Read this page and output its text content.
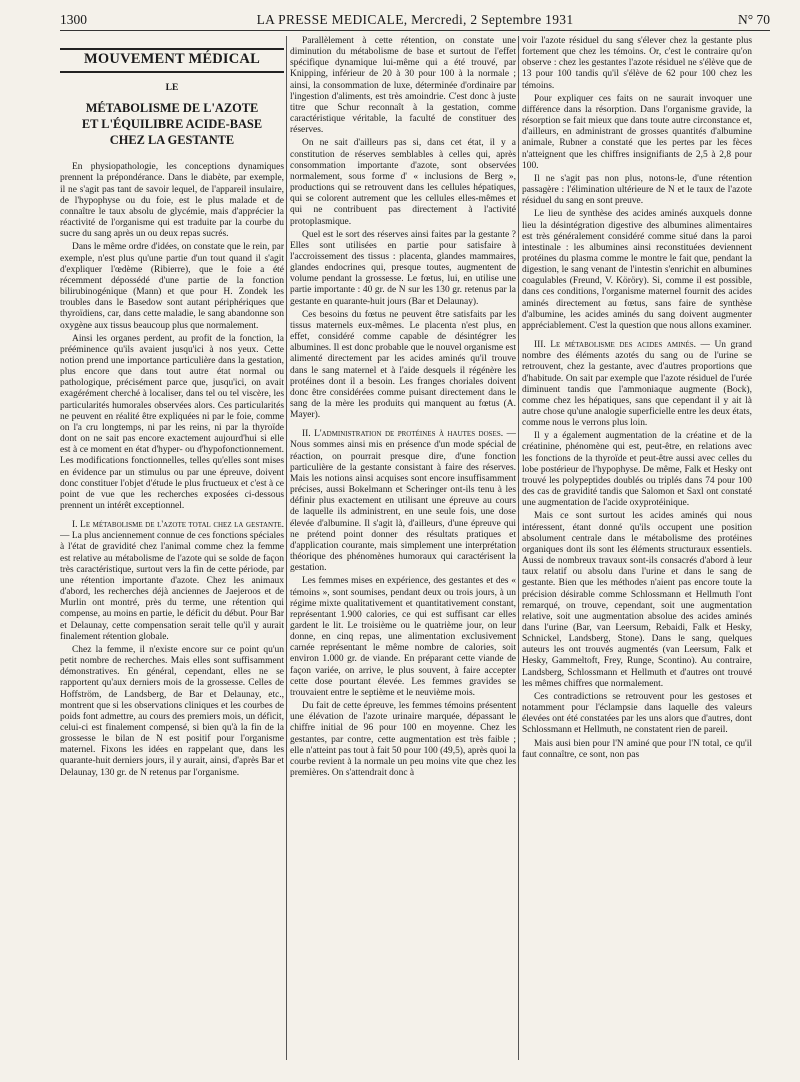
1300	LA PRESSE MEDICALE, Mercredi, 2 Septembre 1931	N° 70
MOUVEMENT MÉDICAL
LE
MÉTABOLISME DE L'AZOTE
ET L'ÉQUILIBRE ACIDE-BASE
CHEZ LA GESTANTE

En physiopathologie, les conceptions dynamiques prennent la prépondérance. Dans le diabète, par exemple, il ne s'agit pas tant de savoir lequel, de l'appareil insulaire, de l'hypophyse ou du foie, est le plus malade et de connaître le taux absolu de glycémie, mais d'apprécier la réactivité de l'organisme qui est traduite par la courbe du sucre du sang après un ou deux repas sucrés.

Dans le même ordre d'idées, on constate que le rein, par exemple, n'est plus qu'une partie d'un tout quand il s'agit d'expliquer l'œdème (Ribierre), que le foie a été récemment dépossédé d'une partie de la fonction bilirubinogénique (Mann) et que pour H. Zondek les troubles dans le Basedow sont autant périphériques que thyroïdiens, car, dans cette maladie, le sang abandonne son oxygène aux tissus beaucoup plus que normalement.

Ainsi les organes perdent, au profit de la fonction, la prééminence qu'ils avaient jusqu'ici à nos yeux. Cette notion prend une importance particulière dans la gestation, plus encore que dans tout autre état normal ou pathologique, précisément parce que, jusqu'ici, on avait exagérément cherché à localiser, dans tel ou tel viscère, les particularités humorales observées alors. Ces particularités ne peuvent en réalité être expliquées ni par le foie, comme on l'a cru longtemps, ni par les reins, ni par la thyroïde dont on ne sait pas encore exactement aujourd'hui si elle est à ce moment en état d'hyper- ou d'hypofonctionnement. Les modifications fonctionnelles, telles qu'elles sont mises en évidence par un stimulus ou par une épreuve, doivent donc constituer l'objet d'étude le plus fructueux et c'est à ce point de vue que les recherches exposées ci-dessous prennent un intérêt exceptionnel.

I. Le métabolisme de l'azote total chez la gestante. — La plus anciennement connue de ces fonctions spéciales à l'état de gravidité chez l'animal comme chez la femme est relative au métabolisme de l'azote qui se solde de façon très caractéristique, surtout vers la fin de cette période, par une rétention importante d'azote. Chez les animaux d'abord, les recherches déjà anciennes de Jaejeroos et de Murlin ont montré, près du terme, une rétention qui compense, au moins en partie, le déficit du début. Pour Bar et Delaunay, cette compensation serait telle qu'il y aurait finalement rétention globale.

Chez la femme, il n'existe encore sur ce point qu'un petit nombre de recherches. Mais elles sont suffisamment démonstratives. En général, cependant, elles ne se rapportent qu'aux derniers mois de la grossesse. Celles de Hoffström, de Landsberg, de Bar et Delaunay, etc., montrent que si les observations cliniques et les courbes de poids font admettre, au cours des premiers mois, un déficit, celui-ci est finalement compensé, si bien qu'à la fin de la grossesse le bilan de N est positif pour l'organisme maternel. Fixons les idées en rappelant que, dans les quarante-huit derniers jours, il y aurait, ainsi, d'après Bar et Delaunay, 130 gr. de N retenus par l'organisme.

Parallèlement à cette rétention, on constate une diminution du métabolisme de base et surtout de l'effet spécifique dynamique lui-même qui a été trouvé, par Knipping, inférieur de 20 à 30 pour 100 à la normale ; ainsi, la consommation de luxe, déterminée d'ordinaire par l'ingestion d'aliments, est très amoindrie. C'est donc à juste titre que Schur reconnaît à la gestation, comme caractéristique véritable, la faculté de constituer des réserves.

On ne sait d'ailleurs pas si, dans cet état, il y a constitution de réserves semblables à celles qui, après consommation importante d'azote, sont observées normalement, sous forme d' « inclusions de Berg », productions qui se retrouvent dans les cellules hépatiques, qui se colorent autrement que les cellules elles-mêmes et qui ne contribuent pas directement à l'activité protoplasmique.

Quel est le sort des réserves ainsi faites par la gestante ? Elles sont utilisées en partie pour satisfaire à l'accroissement des tissus : placenta, glandes mammaires, glandes endocrines qui, presque toutes, augmentent de volume pendant la grossesse. Le fœtus, lui, en utilise une partie importante : 40 gr. de N sur les 130 gr. retenus par la gestante en quarante-huit jours (Bar et Delaunay).

Ces besoins du fœtus ne peuvent être satisfaits par les tissus maternels eux-mêmes. Le placenta n'est plus, en effet, considéré comme capable de désintégrer les albumines. Il est donc probable que le nouvel organisme est alimenté directement par les acides aminés qu'il trouve dans le sang maternel et à l'aide desquels il régénère les protéines dont il a besoin. Les franges choriales doivent donc être considérées comme puisant directement dans le sang de la mère les produits qui manquent au fœtus (A. Mayer).

II. L'administration de protéines à hautes doses. — Nous sommes ainsi mis en présence d'un mode spécial de réaction, on pourrait presque dire, d'une fonction particulière de la gestante consistant à faire des réserves. Mais les notions ainsi acquises sont encore insuffisamment précises, aussi Bokelmann et Scheringer ont-ils tenu à les définir plus exactement en utilisant une épreuve au cours de laquelle ils administrent, en une seule fois, une dose élevée d'albumine. Il s'agit là, d'ailleurs, d'une épreuve qui ne prétend point donner des résultats pratiques et d'application courante, mais simplement une interprétation théorique des phénomènes humoraux qui caractérisent la gestation.

Les femmes mises en expérience, des gestantes et des « témoins », sont soumises, pendant deux ou trois jours, à un régime mixte qualitativement et quantitativement constant, représentant 1.900 calories, ce qui est suffisant car elles gardent le lit. Le troisième ou le quatrième jour, on leur donne, en cinq repas, une alimentation exclusivement carnée représentant le même nombre de calories, soit environ 1.000 gr. de viande. En préparant cette viande de façon variée, on arrive, le plus souvent, à faire accepter cette dose pourtant élevée. Les femmes gravides se trouvaient entre le septième et le neuvième mois.

Du fait de cette épreuve, les femmes témoins présentent une élévation de l'azote urinaire marquée, dépassant le chiffre initial de 96 pour 100 en moyenne. Chez les gestantes, par contre, cette augmentation est très faible ; elle n'atteint pas tout à fait 50 pour 100 (49,5), après quoi la courbe revient à la normale un peu moins vite que chez les premières. On s'attendrait donc à

voir l'azote résiduel du sang s'élever chez la gestante plus fortement que chez les témoins. Or, c'est le contraire qu'on observe : chez les gestantes l'azote résiduel ne s'élève que de 13 pour 100 tandis qu'il s'élève de 62 pour 100 chez les témoins.

Pour expliquer ces faits on ne saurait invoquer une différence dans la résorption. Dans l'organisme gravide, la résorption se fait mieux que dans toute autre circonstance et, d'ailleurs, en administrant de grosses quantités d'albumine animale, Rubner a constaté que les pertes par les fèces n'atteignent que les chiffres insignifiants de 2,5 à 2,8 pour 100.

Il ne s'agit pas non plus, notons-le, d'une rétention passagère : l'élimination ultérieure de N et le taux de l'azote résiduel du sang en sont preuve.

Le lieu de synthèse des acides aminés auxquels donne lieu la désintégration digestive des albumines alimentaires est très généralement considéré comme situé dans la paroi intestinale : les albumines ainsi reconstituées deviennent protéines du plasma comme le montre le fait que, pendant la digestion, le sang venant de l'intestin s'enrichit en albumines coagulables (Freund, V. Köröry). Si, comme il est possible, dans ces conditions, l'organisme maternel fournit des acides aminés directement au fœtus, sans faire de synthèse d'albumine, les acides aminés du sang doivent augmenter appréciablement. C'est la question que nous allons examiner.

III. Le métabolisme des acides aminés. — Un grand nombre des éléments azotés du sang ou de l'urine se retrouvent, chez la gestante, avec d'autres proportions que d'habitude. On sait par exemple que l'azote résiduel de l'urée diminuent tandis que l'ammoniaque augmente (Bock), comme chez les hépatiques, sans que cependant il y ait là autre chose qu'une analogie superficielle entre les deux états, comme nous le verrons plus loin.

Il y a également augmentation de la créatine et de la créatinine, phénomène qui est, peut-être, en relations avec les fonctions de la thyroïde et peut-être aussi avec celles du lobe postérieur de l'hypophyse. De même, Falk et Hesky ont trouvé les polypeptides doublés ou triplés dans 74 pour 100 des cas de gravidité tandis que Salomon et Saxl ont constaté une augmentation de l'acide oxyprotéinique.

Mais ce sont surtout les acides aminés qui nous intéressent, étant donné qu'ils occupent une position absolument centrale dans le métabolisme des protéines organiques dont ils sont les éléments structuraux essentiels. Aussi de nombreux travaux sont-ils consacrés d'abord à leur taux relatif ou absolu dans l'urine et dans le sang de gestante. Bien que les méthodes n'aient pas encore toute la précision désirable comme Schlossmann et Hellmuth l'ont remarqué, on trouve, cependant, soit une augmentation relative, soit une augmentation absolue des acides aminés dans l'urine (Bar, van Leersum, Rebaidi, Falk et Hesky, Schnickel, Landsberg, Stone). Dans le sang, quelques auteurs les ont trouvés augmentés (van Leersum, Falk et Hesky, Gammeltoft, Frey, Runge, Scontino). Au contraire, Landsberg, Schlossmann et Hellmuth et d'autres ont trouvé les mêmes chiffres que normalement.

Ces contradictions se retrouvent pour les gestoses et notamment pour l'éclampsie dans laquelle des valeurs élevées ont été constatées par les uns alors que d'autres, dont Schlossmann et Hellmuth, ne constatent rien de pareil.

Mais ausi bien pour l'N aminé que pour l'N total, ce qu'il faut connaître, ce sont, non pas
